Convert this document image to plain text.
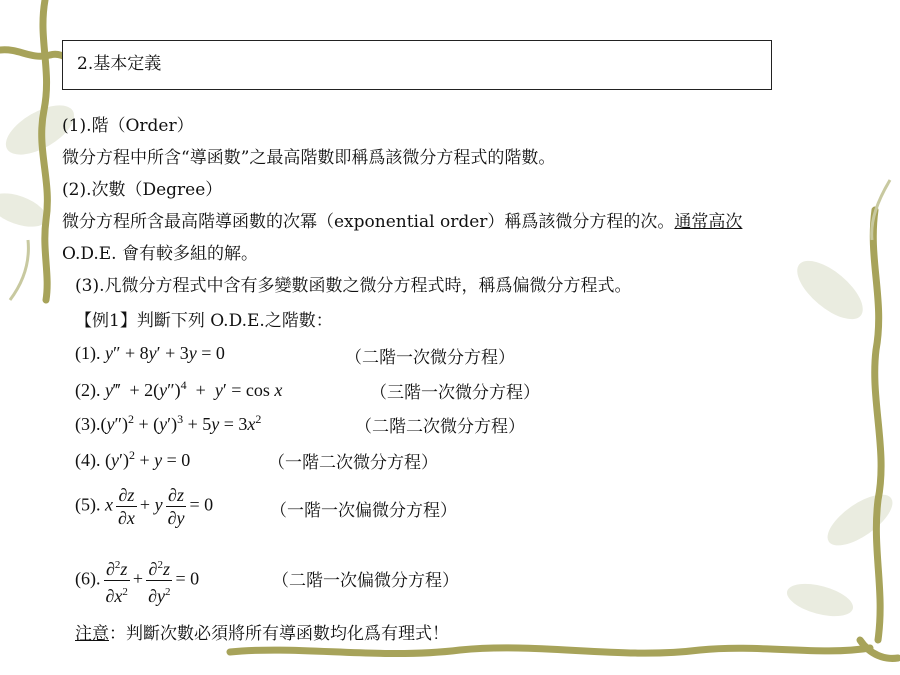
2.基本定義
(1).階（Order）
微分方程中所含“導函數”之最高階數即稱爲該微分方程式的階數。
(2).次數（Degree）
微分方程所含最高階導函數的次冪（exponential order）稱爲該微分方程的次。通常高次
O.D.E. 會有較多組的解。
(3).凡微分方程式中含有多變數函數之微分方程式時，稱爲偏微分方程式。
【例1】判斷下列 O.D.E.之階數：
(1). y″ + 8y′ + 3y = 0	（二階一次微分方程）
(2). y‴  + $2(y'')^4 + y' = \cos x$	（三階一次微分方程）
$(3).(y'')^2 + (y')^3 + 5y = 3x^2$	（二階二次微分方程）
(4). $(y')^2 + y = 0$	（一階二次微分方程）
(5). x $\frac{\partial z}{\partial x} + y \frac{\partial z}{\partial y} = 0$	（一階一次偏微分方程）
(6). $\frac{\partial^2z}{\partial x^2} + \frac{\partial^2z}{\partial y^2} = 0$	（二階一次偏微分方程）
注意：判斷次數必須將所有導函數均化爲有理式！
